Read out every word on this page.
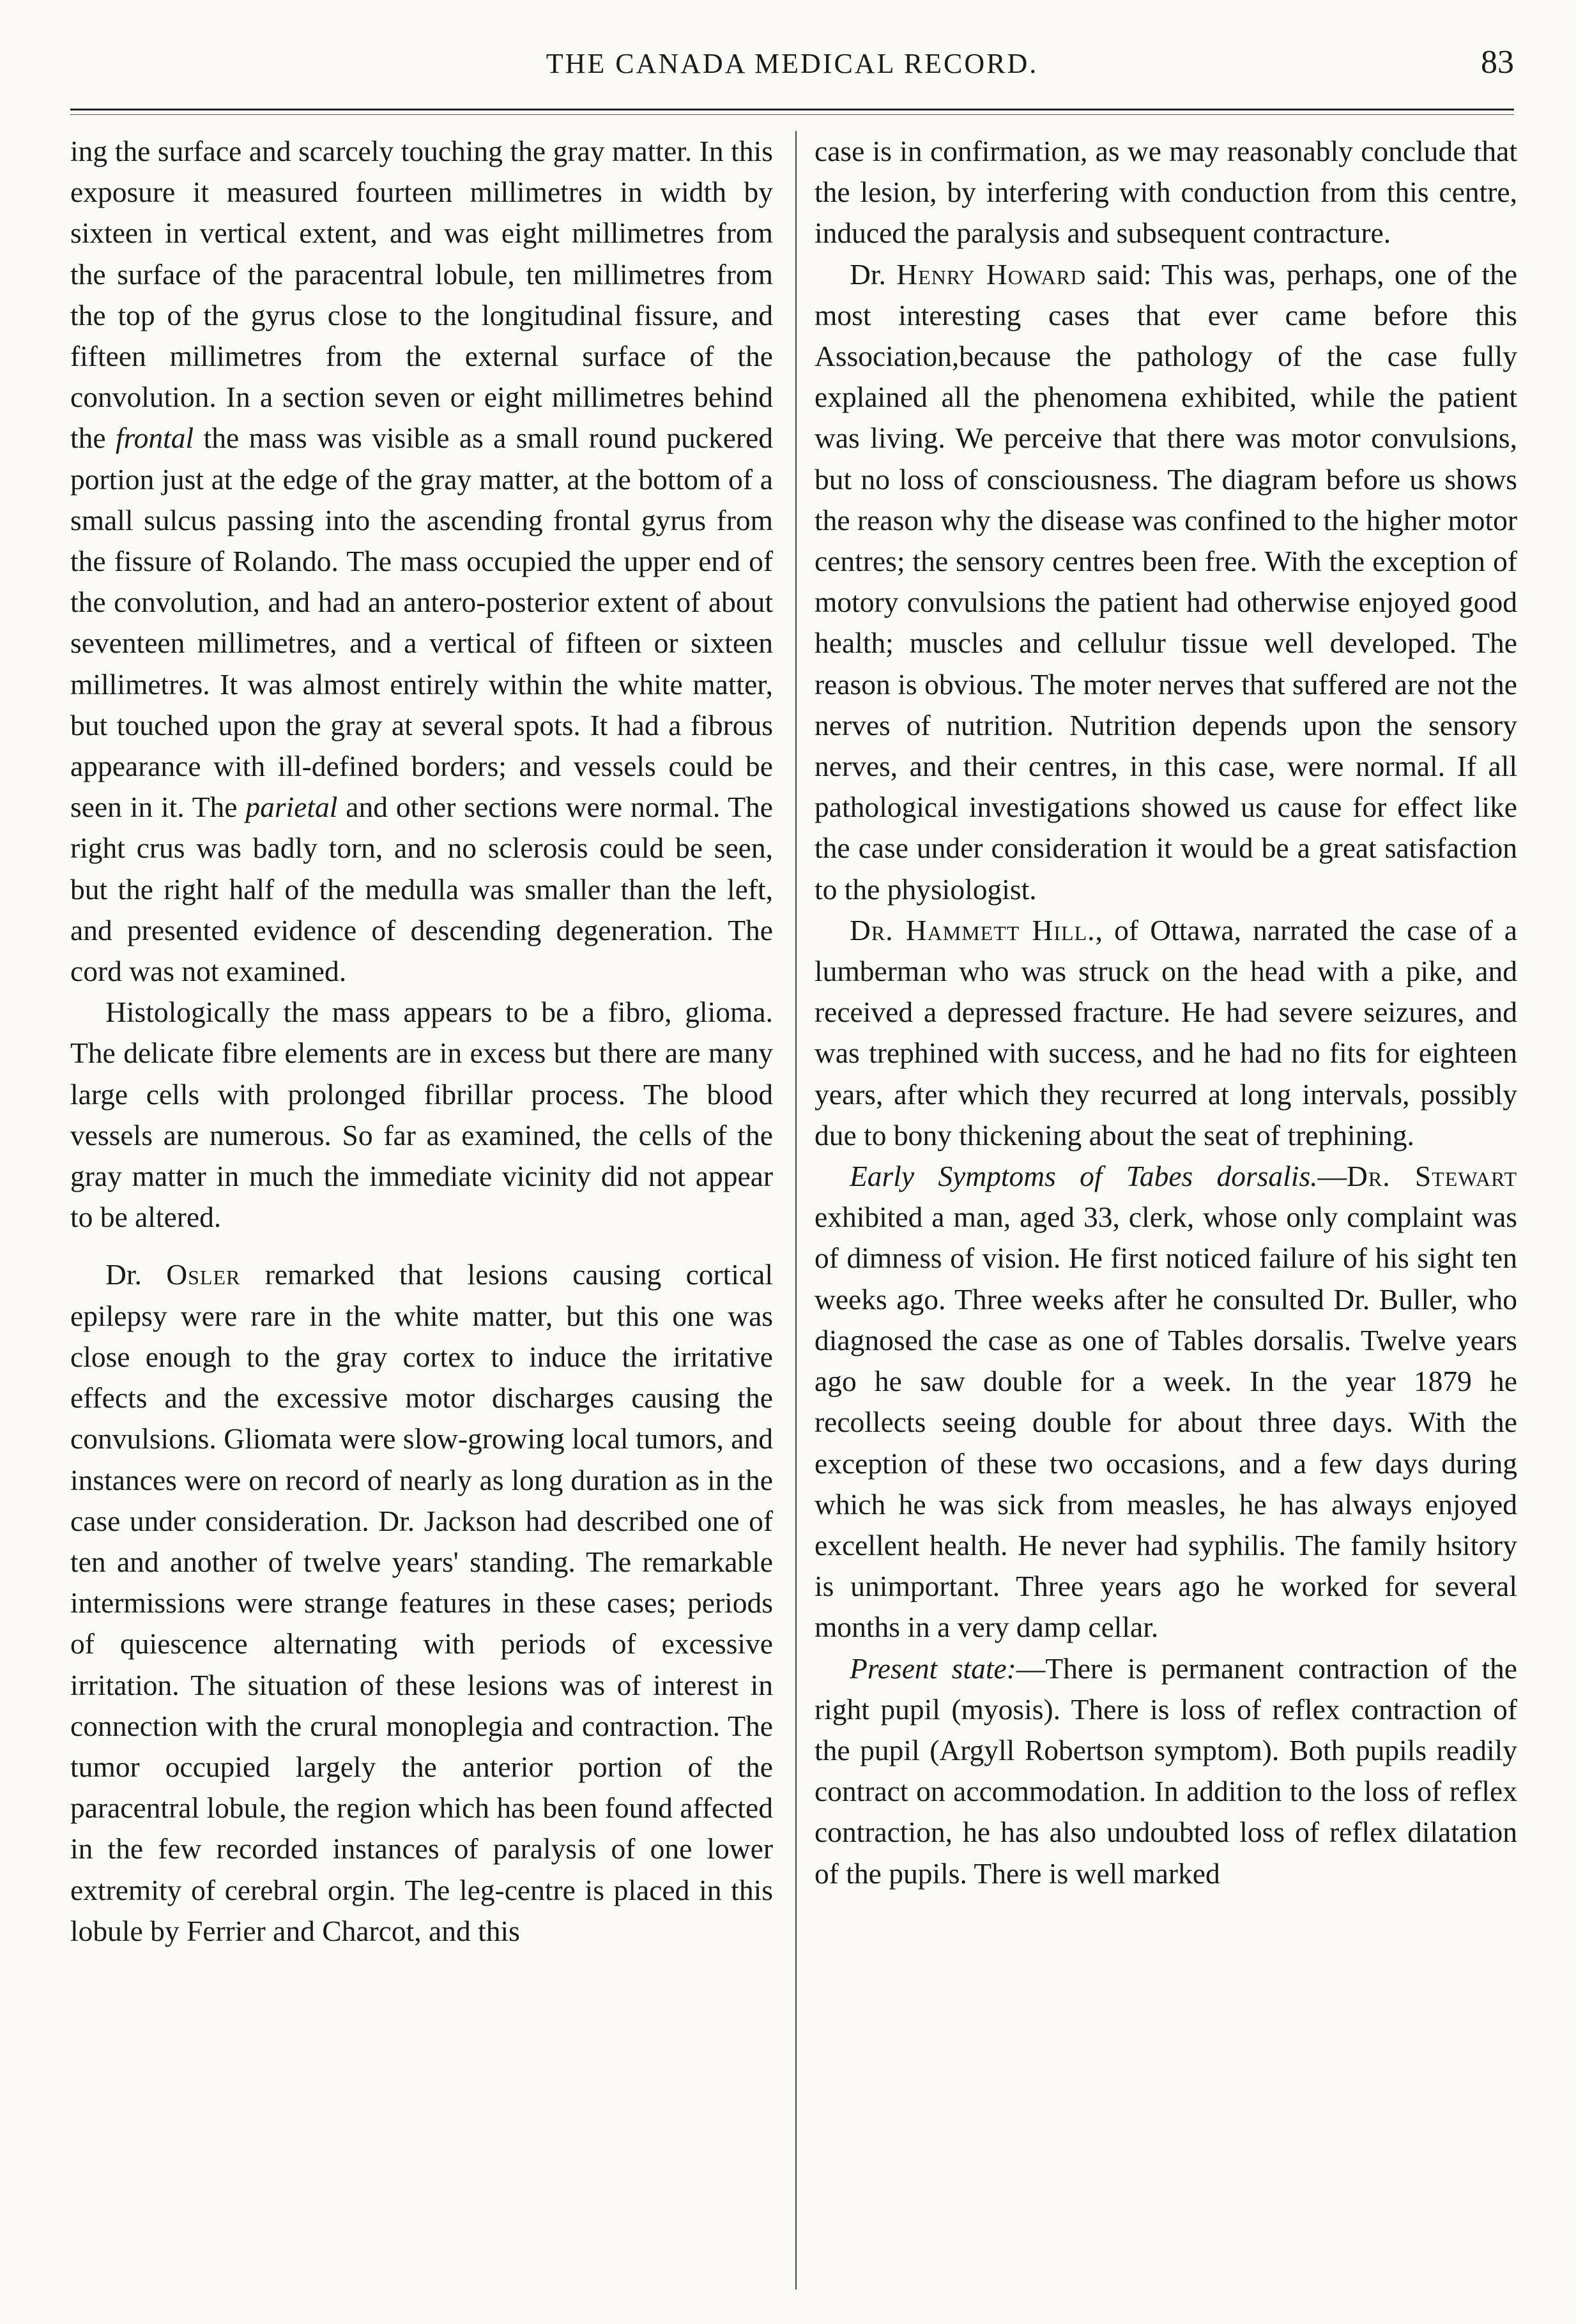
THE CANADA MEDICAL RECORD.	83

ing the surface and scarcely touching the gray matter. In this exposure it measured fourteen millimetres in width by sixteen in vertical extent, and was eight millimetres from the surface of the paracentral lobule, ten millimetres from the top of the gyrus close to the longitudinal fissure, and fifteen millimetres from the external surface of the convolution. In a section seven or eight millimetres behind the frontal the mass was visible as a small round puckered portion just at the edge of the gray matter, at the bottom of a small sulcus passing into the ascending frontal gyrus from the fissure of Rolando. The mass occupied the upper end of the convolution, and had an antero-posterior extent of about seventeen millimetres, and a vertical of fifteen or sixteen millimetres. It was almost entirely within the white matter, but touched upon the gray at several spots. It had a fibrous appearance with ill-defined borders; and vessels could be seen in it. The parietal and other sections were normal. The right crus was badly torn, and no sclerosis could be seen, but the right half of the medulla was smaller than the left, and presented evidence of descending degeneration. The cord was not examined.

Histologically the mass appears to be a fibro, glioma. The delicate fibre elements are in excess but there are many large cells with prolonged fibrillar process. The blood vessels are numerous. So far as examined, the cells of the gray matter in much the immediate vicinity did not appear to be altered.

Dr. Osler remarked that lesions causing cortical epilepsy were rare in the white matter, but this one was close enough to the gray cortex to induce the irritative effects and the excessive motor discharges causing the convulsions. Gliomata were slow-growing local tumors, and instances were on record of nearly as long duration as in the case under consideration. Dr. Jackson had described one of ten and another of twelve years' standing. The remarkable intermissions were strange features in these cases; periods of quiescence alternating with periods of excessive irritation. The situation of these lesions was of interest in connection with the crural monoplegia and contraction. The tumor occupied largely the anterior portion of the paracentral lobule, the region which has been found affected in the few recorded instances of paralysis of one lower extremity of cerebral orgin. The leg-centre is placed in this lobule by Ferrier and Charcot, and this

case is in confirmation, as we may reasonably conclude that the lesion, by interfering with conduction from this centre, induced the paralysis and subsequent contracture.

Dr. Henry Howard said: This was, perhaps, one of the most interesting cases that ever came before this Association,because the pathology of the case fully explained all the phenomena exhibited, while the patient was living. We perceive that there was motor convulsions, but no loss of consciousness. The diagram before us shows the reason why the disease was confined to the higher motor centres; the sensory centres been free. With the exception of motory convulsions the patient had otherwise enjoyed good health; muscles and cellulur tissue well developed. The reason is obvious. The moter nerves that suffered are not the nerves of nutrition. Nutrition depends upon the sensory nerves, and their centres, in this case, were normal. If all pathological investigations showed us cause for effect like the case under consideration it would be a great satisfaction to the physiologist.

Dr. Hammett Hill., of Ottawa, narrated the case of a lumberman who was struck on the head with a pike, and received a depressed fracture. He had severe seizures, and was trephined with success, and he had no fits for eighteen years, after which they recurred at long intervals, possibly due to bony thickening about the seat of trephining.

Early Symptoms of Tabes dorsalis.—Dr. Stewart exhibited a man, aged 33, clerk, whose only complaint was of dimness of vision. He first noticed failure of his sight ten weeks ago. Three weeks after he consulted Dr. Buller, who diagnosed the case as one of Tables dorsalis. Twelve years ago he saw double for a week. In the year 1879 he recollects seeing double for about three days. With the exception of these two occasions, and a few days during which he was sick from measles, he has always enjoyed excellent health. He never had syphilis. The family hsitory is unimportant. Three years ago he worked for several months in a very damp cellar.

Present state:—There is permanent contraction of the right pupil (myosis). There is loss of reflex contraction of the pupil (Argyll Robertson symptom). Both pupils readily contract on accommodation. In addition to the loss of reflex contraction, he has also undoubted loss of reflex dilatation of the pupils. There is well marked
